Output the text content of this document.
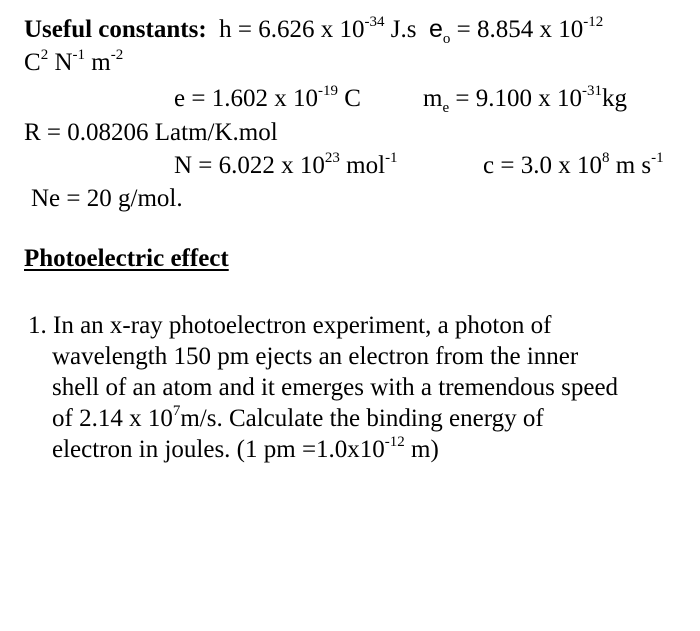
Useful constants: h = 6.626 x $10^{-34}$ J.s $e_o = 8.854$ x $10^{-12}$
$C^2$ $N^{-1}$ $m^{-2}$
e = 1.602 x $10^{-19}$ C $m_e = 9.100$ x $10^{-31}kg$
R = 0.08206 Latm/K.mol
N = 6.022 x $10^{23}$ mol$^{-1}$	c = 3.0 x $10^8$ m $s^{-1}$
Ne = 20 g/mol.
Photoelectric effect
1. In an x-ray photoelectron experiment, a photon of
wavelength 150 pm ejects an electron from the inner
shell of an atom and it emerges with a tremendous speed
of 2.14 x $10^7m/s$. Calculate the binding energy of
electron in joules. (1 pm $=1.0x10^{-12}$ m)
